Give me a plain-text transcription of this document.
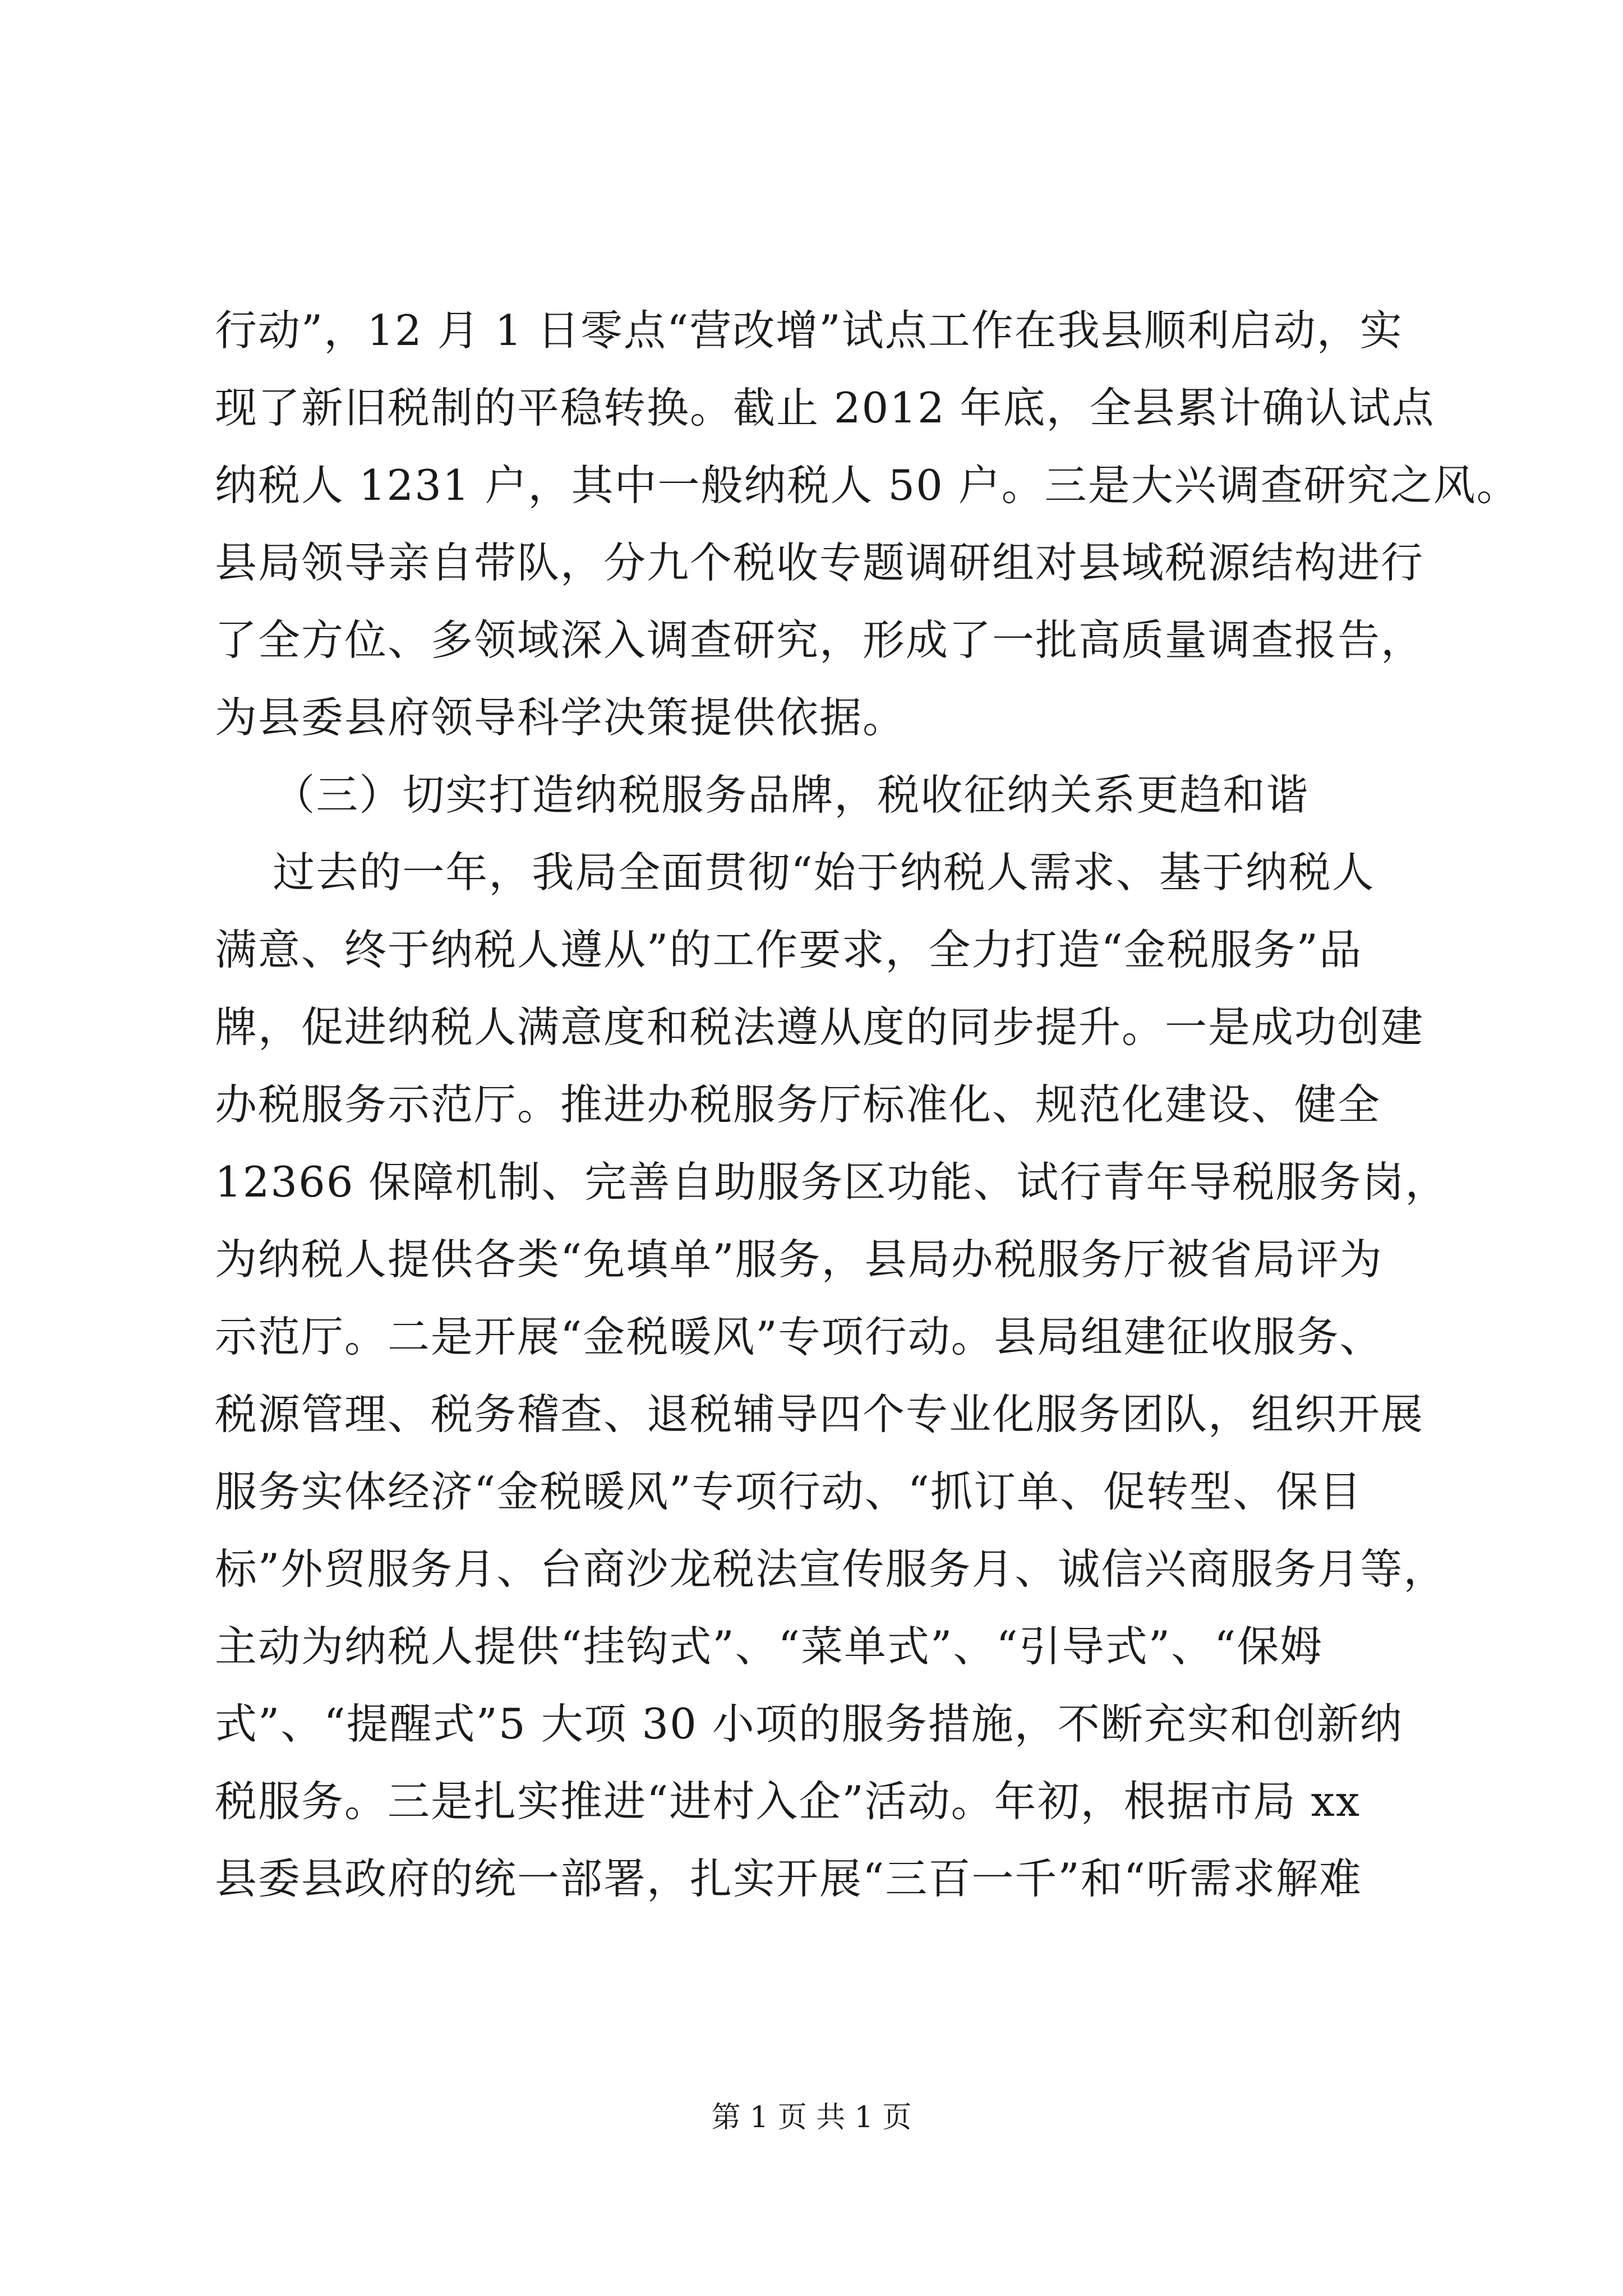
行动”，12 月 1 日零点“营改增”试点工作在我县顺利启动，实
现了新旧税制的平稳转换。截止 2012 年底，全县累计确认试点
纳税人 1231 户，其中一般纳税人 50 户。三是大兴调查研究之风。
县局领导亲自带队，分九个税收专题调研组对县域税源结构进行
了全方位、多领域深入调查研究，形成了一批高质量调查报告，
为县委县府领导科学决策提供依据。
（三）切实打造纳税服务品牌，税收征纳关系更趋和谐
过去的一年，我局全面贯彻“始于纳税人需求、基于纳税人
满意、终于纳税人遵从”的工作要求，全力打造“金税服务”品
牌，促进纳税人满意度和税法遵从度的同步提升。一是成功创建
办税服务示范厅。推进办税服务厅标准化、规范化建设、健全
12366 保障机制、完善自助服务区功能、试行青年导税服务岗，
为纳税人提供各类“免填单”服务，县局办税服务厅被省局评为
示范厅。二是开展“金税暖风”专项行动。县局组建征收服务、
税源管理、税务稽查、退税辅导四个专业化服务团队，组织开展
服务实体经济“金税暖风”专项行动、“抓订单、促转型、保目
标”外贸服务月、台商沙龙税法宣传服务月、诚信兴商服务月等，
主动为纳税人提供“挂钩式”、“菜单式”、“引导式”、“保姆
式”、“提醒式”5 大项 30 小项的服务措施，不断充实和创新纳
税服务。三是扎实推进“进村入企”活动。年初，根据市局 xx
县委县政府的统一部署，扎实开展“三百一千”和“听需求解难
第 1 页 共 1 页
